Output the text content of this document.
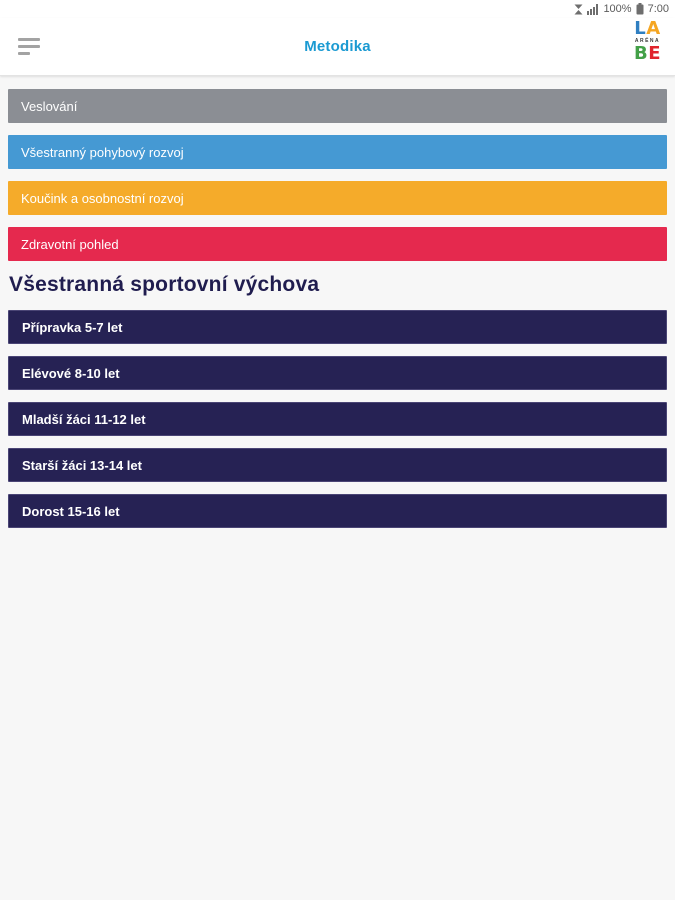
100% 7:00
Metodika
L A
ARÉNA
B E
Veslování
Všestranný pohybový rozvoj
Koučink a osobnostní rozvoj
Zdravotní pohled
Všestranná sportovní výchova
Přípravka 5-7 let
Elévové 8-10 let
Mladší žáci 11-12 let
Starší žáci 13-14 let
Dorost 15-16 let
